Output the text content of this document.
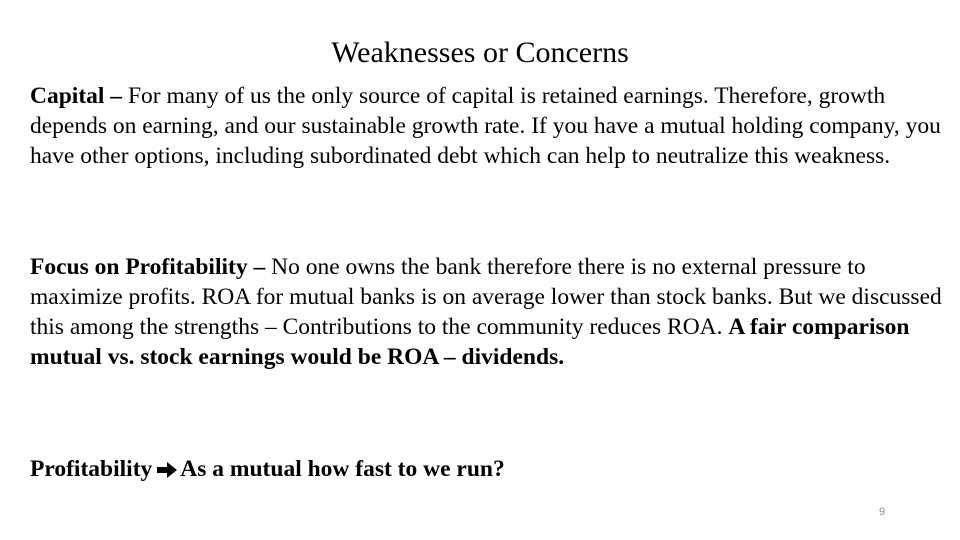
Weaknesses or Concerns

Capital – For many of us the only source of capital is retained earnings. Therefore, growth depends on earning, and our sustainable growth rate. If you have a mutual holding company, you have other options, including subordinated debt which can help to neutralize this weakness.

Focus on Profitability – No one owns the bank therefore there is no external pressure to maximize profits. ROA for mutual banks is on average lower than stock banks. But we discussed this among the strengths – Contributions to the community reduces ROA. A fair comparison mutual vs. stock earnings would be ROA – dividends.

Profitability As a mutual how fast to we run?

9
